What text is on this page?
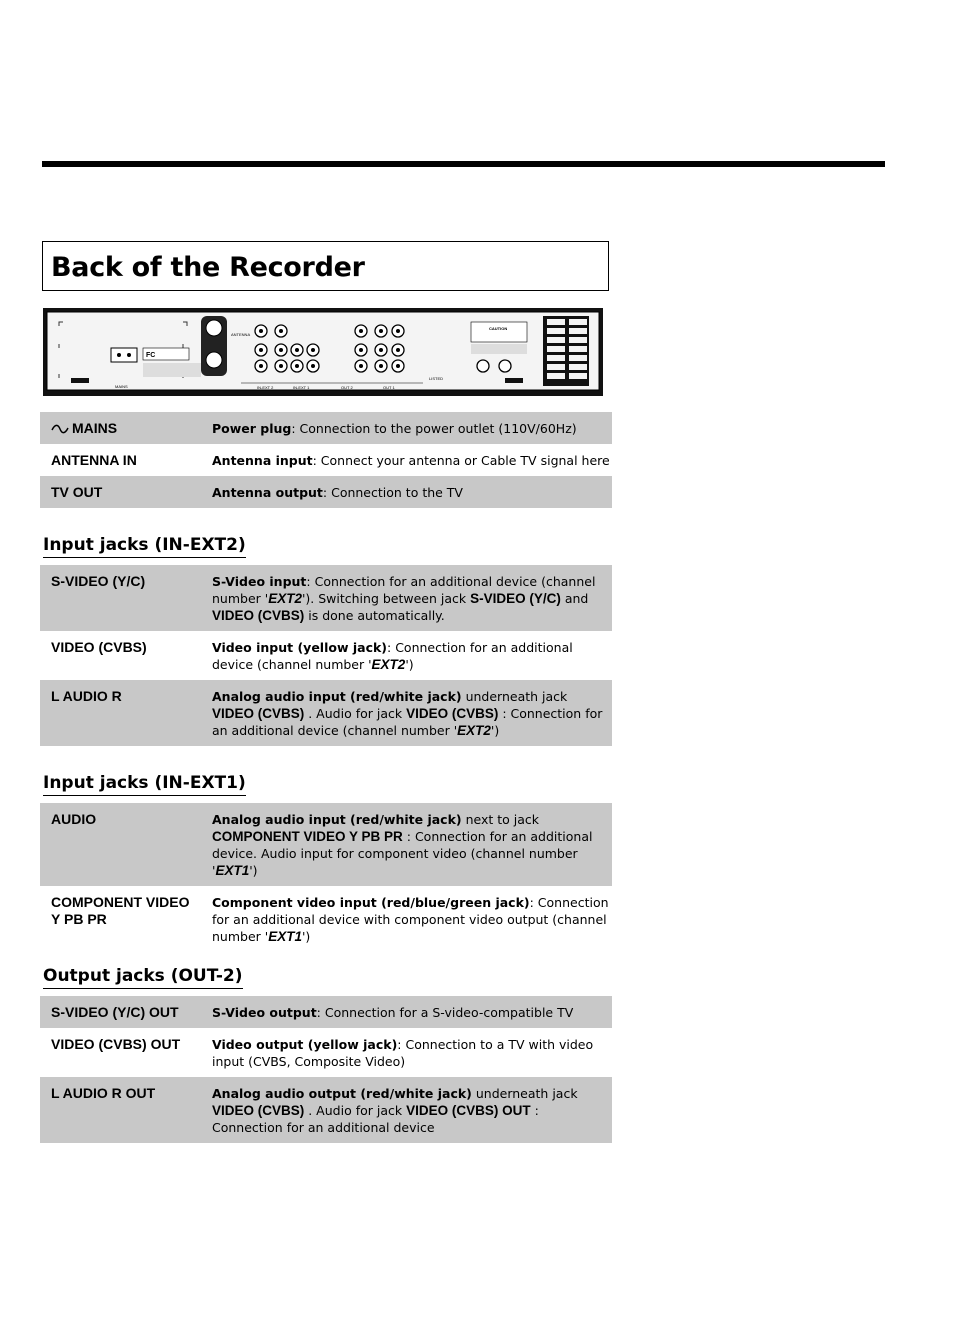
Back of the Recorder
MAINS
FC
ANTENNA
IN-EXT 2	IN-EXT 1	OUT 2	OUT 1
CAUTION
LISTED
MAINS	Power plug: Connection to the power outlet (110V/60Hz)
ANTENNA IN	Antenna input: Connect your antenna or Cable TV signal here
TV OUT	Antenna output: Connection to the TV
Input jacks (IN-EXT2)
S-VIDEO (Y/C)	S-Video input: Connection for an additional device (channel number 'EXT2'). Switching between jack S-VIDEO (Y/C) and VIDEO (CVBS) is done automatically.
VIDEO (CVBS)	Video input (yellow jack): Connection for an additional device (channel number 'EXT2')
L AUDIO R	Analog audio input (red/white jack) underneath jack VIDEO (CVBS) . Audio for jack VIDEO (CVBS) : Connection for an additional device (channel number 'EXT2')
Input jacks (IN-EXT1)
AUDIO	Analog audio input (red/white jack) next to jack COMPONENT VIDEO Y PB PR : Connection for an additional device. Audio input for component video (channel number 'EXT1')
COMPONENT VIDEO Y PB PR	Component video input (red/blue/green jack): Connection for an additional device with component video output (channel number 'EXT1')
Output jacks (OUT-2)
S-VIDEO (Y/C) OUT	S-Video output: Connection for a S-video-compatible TV
VIDEO (CVBS) OUT	Video output (yellow jack): Connection to a TV with video input (CVBS, Composite Video)
L AUDIO R OUT	Analog audio output (red/white jack) underneath jack VIDEO (CVBS) . Audio for jack VIDEO (CVBS) OUT : Connection for an additional device
